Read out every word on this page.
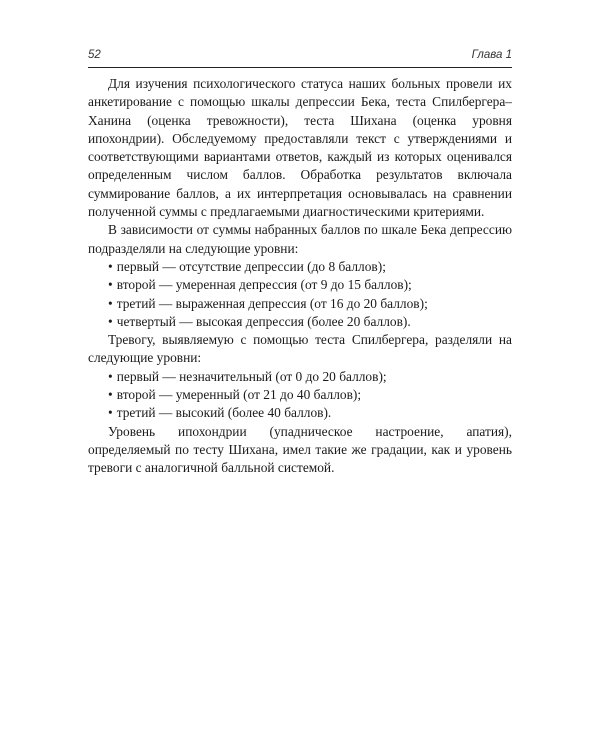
52	Глава 1

Для изучения психологического статуса наших больных провели их анкетирование с помощью шкалы депрессии Бека, теста Спилбергера–Ханина (оценка тревожности), теста Шихана (оценка уровня ипохондрии). Обследуемому предоставляли текст с утверждениями и соответствующими вариантами ответов, каждый из которых оценивался определенным числом баллов. Обработка результатов включала суммирование баллов, а их интерпретация основывалась на сравнении полученной суммы с предлагаемыми диагностическими критериями.

В зависимости от суммы набранных баллов по шкале Бека депрессию подразделяли на следующие уровни:

• первый — отсутствие депрессии (до 8 баллов);
• второй — умеренная депрессия (от 9 до 15 баллов);
• третий — выраженная депрессия (от 16 до 20 баллов);
• четвертый — высокая депрессия (более 20 баллов).

Тревогу, выявляемую с помощью теста Спилбергера, разделяли на следующие уровни:

• первый — незначительный (от 0 до 20 баллов);
• второй — умеренный (от 21 до 40 баллов);
• третий — высокий (более 40 баллов).

Уровень ипохондрии (упадническое настроение, апатия), определяемый по тесту Шихана, имел такие же градации, как и уровень тревоги с аналогичной балльной системой.
